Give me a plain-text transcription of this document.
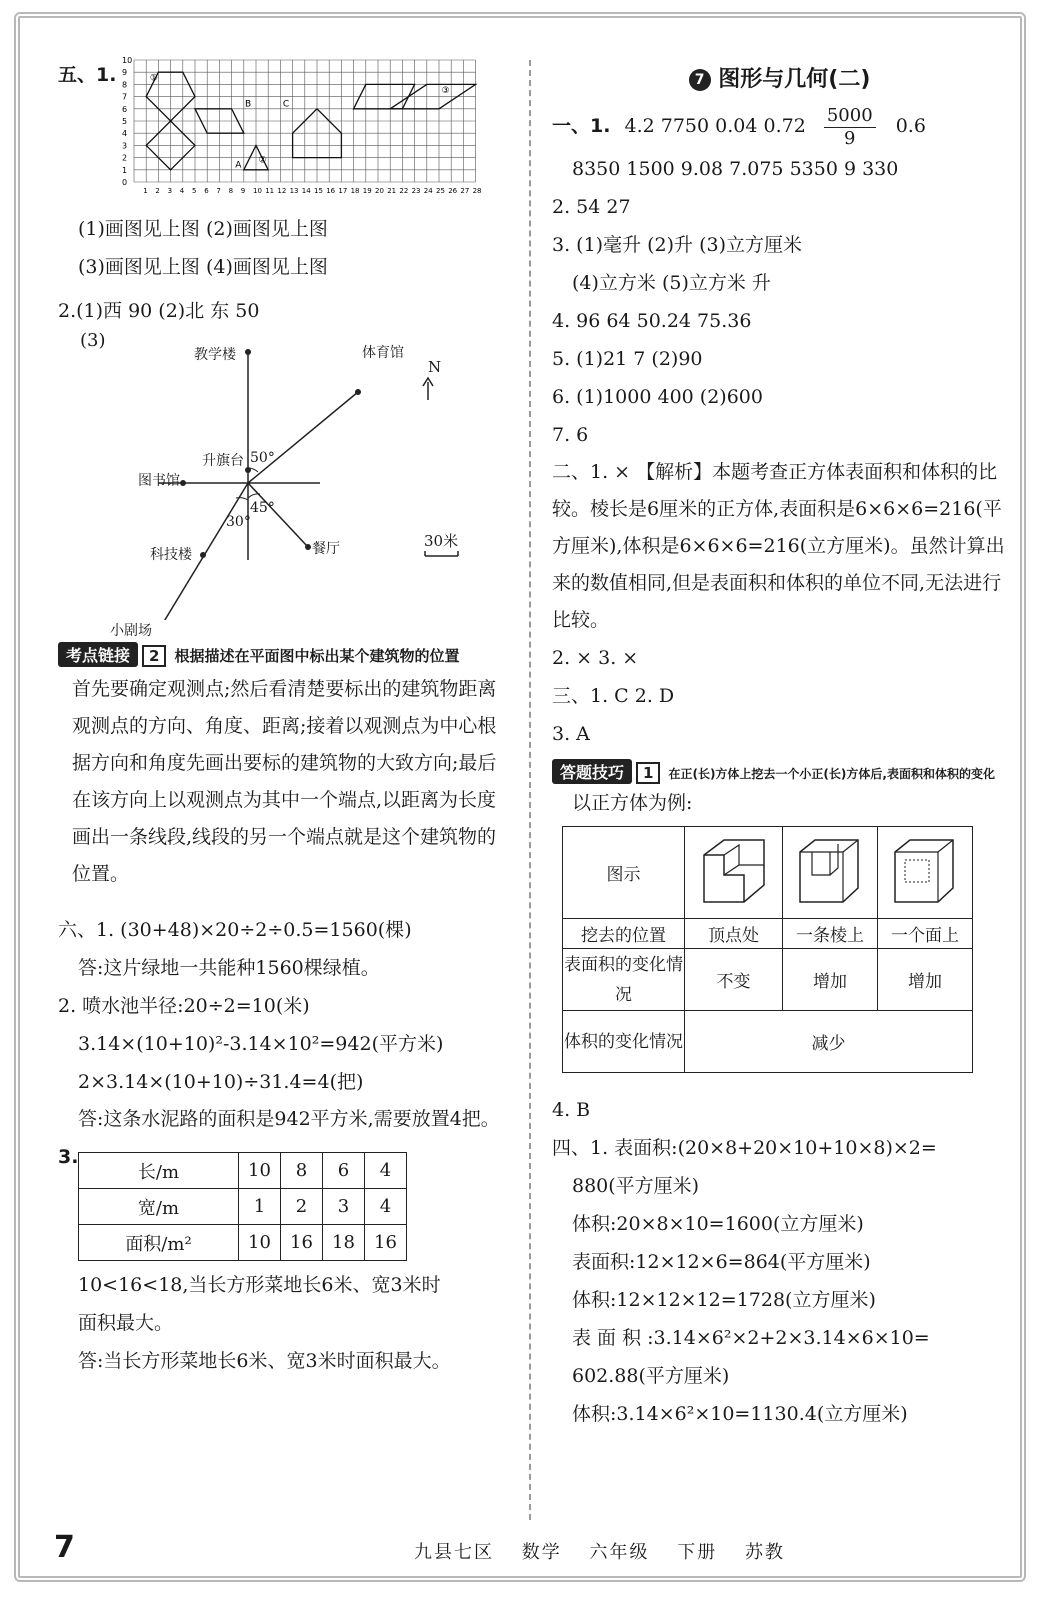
五、1.
0
1
2
3
4
5
6
7
8
9
10
1 2 3 4 5 6 7 8 9 10 11 12 13 14 15 16 17 18 19 20 21 22 23 24 25 26 27 28
①
②
③
A
B	C
(1)画图见上图 (2)画图见上图
(3)画图见上图 (4)画图见上图
2.(1)西 90 (2)北 东 50
(3)
N
教学楼	体育馆
升旗台
图书馆
科技楼	餐厅
小剧场
50°
45°
30°
30米
考点链接 2 根据描述在平面图中标出某个建筑物的位置
首先要确定观测点;然后看清楚要标出的建筑物距离观测点的方向、角度、距离;接着以观测点为中心根据方向和角度先画出要标的建筑物的大致方向;最后在该方向上以观测点为其中一个端点,以距离为长度画出一条线段,线段的另一个端点就是这个建筑物的位置。
六、1. (30+48)×20÷2÷0.5=1560(棵)
答:这片绿地一共能种1560棵绿植。
2. 喷水池半径:20÷2=10(米)
3.14×(10+10)²-3.14×10²=942(平方米)
2×3.14×(10+10)÷31.4=4(把)
答:这条水泥路的面积是942平方米,需要放置4把。
3.
长/m	10	8	6	4
宽/m	1	2	3	4
面积/m²	10	16	18	16
10<16<18,当长方形菜地长6米、宽3米时
面积最大。
答:当长方形菜地长6米、宽3米时面积最大。
7 图形与几何(二)
一、1. 4.2 7750 0.04 $0.72 \frac{5000}{9} 0.6$
8350 1500 9.08 7.075 5350 9 330
2. 54 27
3. (1)毫升 (2)升 (3)立方厘米
(4)立方米 (5)立方米 升
4. 96 64 50.24 75.36
5. (1)21 7 (2)90
6. (1)1000 400 (2)600
7. 6
二、1. × 【解析】本题考查正方体表面积和体积的比较。棱长是6厘米的正方体,表面积是6×6×6=216(平方厘米),体积是6×6×6=216(立方厘米)。虽然计算出来的数值相同,但是表面积和体积的单位不同,无法进行比较。
2. × 3. ×
三、1. C 2. D
3. A
答题技巧 1 在正(长)方体上挖去一个小正(长)方体后,表面积和体积的变化
以正方体为例:
图示			
挖去的位置	顶点处	一条棱上	一个面上
表面积的变化情况	不变	增加	增加
体积的变化情况	减少		
4. B
四、1. 表面积:(20×8+20×10+10×8)×2=
880(平方厘米)
体积:20×8×10=1600(立方厘米)
表面积:12×12×6=864(平方厘米)
体积:12×12×12=1728(立方厘米)
表 面 积 :3.14×6²×2+2×3.14×6×10=
602.88(平方厘米)
体积:3.14×6²×10=1130.4(立方厘米)
7	九县七区 数学 六年级 下册 苏教
